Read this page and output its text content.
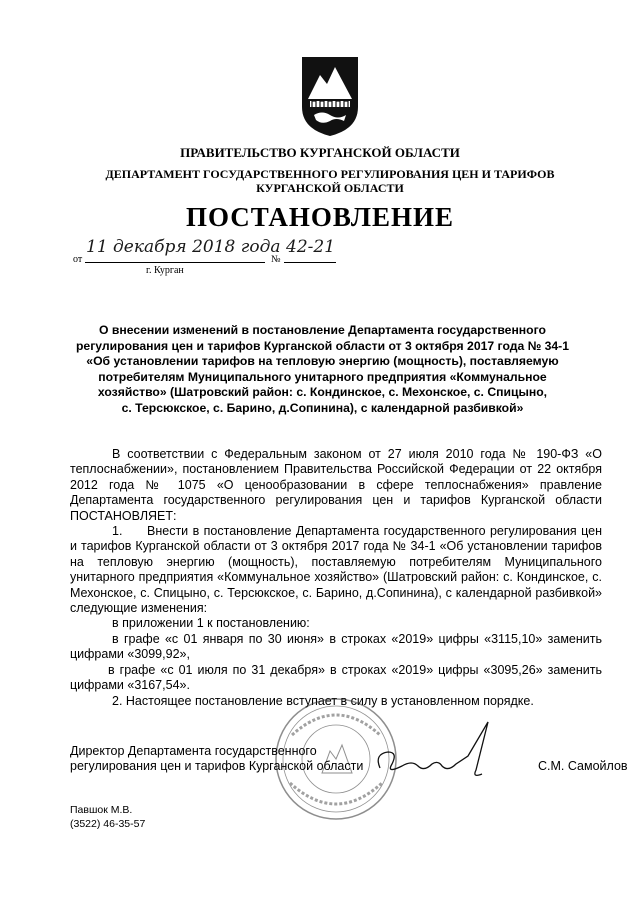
ПРАВИТЕЛЬСТВО КУРГАНСКОЙ ОБЛАСТИ
ДЕПАРТАМЕНТ ГОСУДАРСТВЕННОГО РЕГУЛИРОВАНИЯ ЦЕН И ТАРИФОВ
КУРГАНСКОЙ ОБЛАСТИ
ПОСТАНОВЛЕНИЕ
от
11 декабря 2018 года
№
42-21
г. Курган
О внесении изменений в постановление Департамента государственного
регулирования цен и тарифов Курганской области от 3 октября 2017 года № 34-1
«Об установлении тарифов на тепловую энергию (мощность), поставляемую
потребителям Муниципального унитарного предприятия «Коммунальное
хозяйство» (Шатровский район: с. Кондинское, с. Мехонское, с. Спицыно,
с. Терсюкское, с. Барино, д.Сопинина), с календарной разбивкой»

В соответствии с Федеральным законом от 27 июля 2010 года № 190-ФЗ «О теплоснабжении», постановлением Правительства Российской Федерации от 22 октября 2012 года № 1075 «О ценообразовании в сфере теплоснабжения» правление Департамента государственного регулирования цен и тарифов Курганской области ПОСТАНОВЛЯЕТ:

1. Внести в постановление Департамента государственного регулирования цен и тарифов Курганской области от 3 октября 2017 года № 34-1 «Об установлении тарифов на тепловую энергию (мощность), поставляемую потребителям Муниципального унитарного предприятия «Коммунальное хозяйство» (Шатровский район: с. Кондинское, с. Мехонское, с. Спицыно, с. Терсюкское, с. Барино, д.Сопинина), с календарной разбивкой» следующие изменения:

в приложении 1 к постановлению:

в графе «с 01 января по 30 июня» в строках «2019» цифры «3115,10» заменить цифрами «3099,92»,

в графе «с 01 июля по 31 декабря» в строках «2019» цифры «3095,26» заменить цифрами «3167,54».

2. Настоящее постановление вступает в силу в установленном порядке.

Директор Департамента государственного
регулирования цен и тарифов Курганской области	С.М. Самойлов
Павшок М.В.
(3522) 46-35-57
